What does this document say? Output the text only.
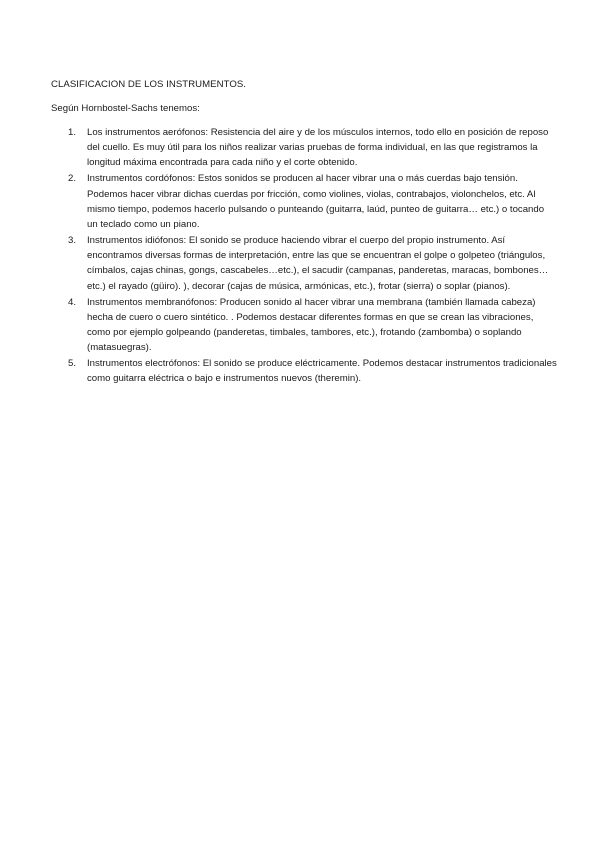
CLASIFICACION DE LOS INSTRUMENTOS.
Según Hornbostel-Sachs tenemos:
1. Los instrumentos aerófonos: Resistencia del aire y de los músculos internos, todo ello en posición de reposo del cuello. Es muy útil para los niños realizar varias pruebas de forma individual, en las que registramos la longitud máxima encontrada para cada niño y el corte obtenido.
2. Instrumentos cordófonos: Estos sonidos se producen al hacer vibrar una o más cuerdas bajo tensión. Podemos hacer vibrar dichas cuerdas por fricción, como violines, violas, contrabajos, violonchelos, etc. Al mismo tiempo, podemos hacerlo pulsando o punteando (guitarra, laúd, punteo de guitarra… etc.) o tocando un teclado como un piano.
3. Instrumentos idiófonos: El sonido se produce haciendo vibrar el cuerpo del propio instrumento. Así encontramos diversas formas de interpretación, entre las que se encuentran el golpe o golpeteo (triángulos, címbalos, cajas chinas, gongs, cascabeles…etc.), el sacudir (campanas, panderetas, maracas, bombones…etc.) el rayado (güiro). ), decorar (cajas de música, armónicas, etc.), frotar (sierra) o soplar (pianos).
4. Instrumentos membranófonos: Producen sonido al hacer vibrar una membrana (también llamada cabeza) hecha de cuero o cuero sintético. . Podemos destacar diferentes formas en que se crean las vibraciones, como por ejemplo golpeando (panderetas, timbales, tambores, etc.), frotando (zambomba) o soplando (matasuegras).
5. Instrumentos electrófonos: El sonido se produce eléctricamente. Podemos destacar instrumentos tradicionales como guitarra eléctrica o bajo e instrumentos nuevos (theremin).
